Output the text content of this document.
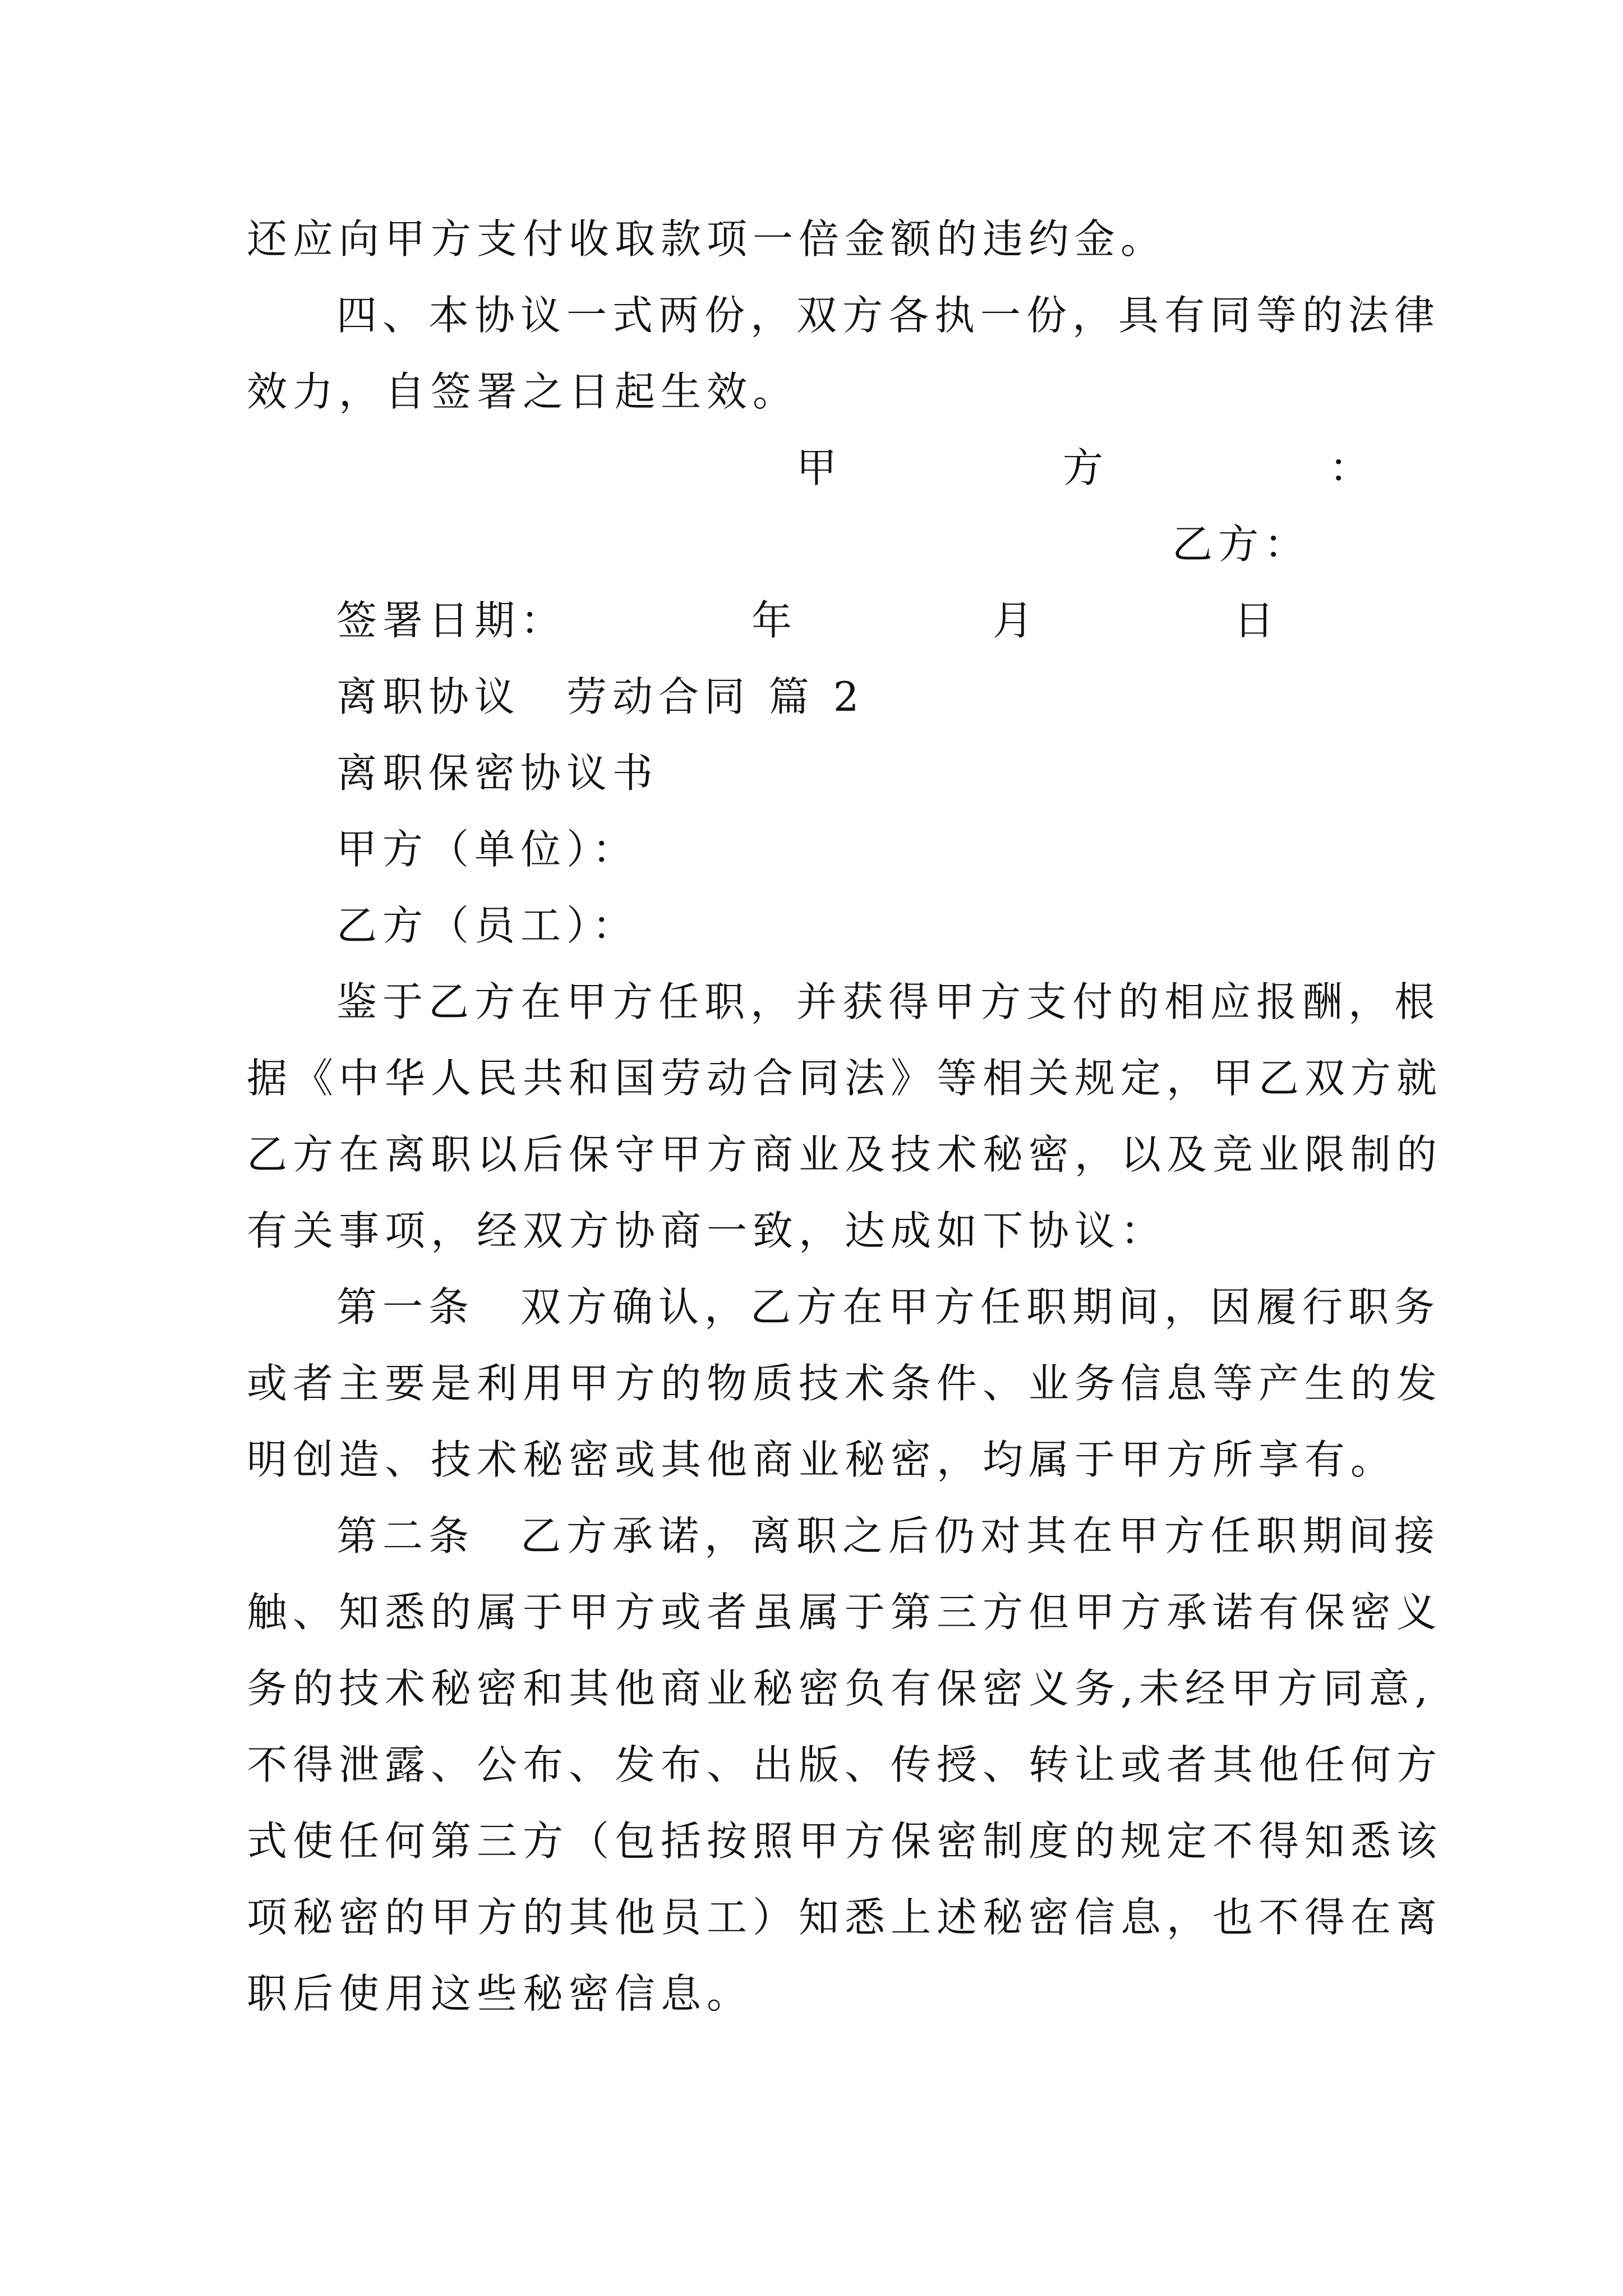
还应向甲方支付收取款项一倍金额的违约金。
四、本协议一式两份，双方各执一份，具有同等的法律
效力，自签署之日起生效。
甲	方	：
乙方：
签署日期：	年	月	日
离职协议　劳动合同 篇 2
离职保密协议书
甲方（单位）：
乙方（员工）：
鉴于乙方在甲方任职，并获得甲方支付的相应报酬，根
据《中华人民共和国劳动合同法》等相关规定，甲乙双方就
乙方在离职以后保守甲方商业及技术秘密，以及竞业限制的
有关事项，经双方协商一致，达成如下协议：
第一条　双方确认，乙方在甲方任职期间，因履行职务
或者主要是利用甲方的物质技术条件、业务信息等产生的发
明创造、技术秘密或其他商业秘密，均属于甲方所享有。
第二条　乙方承诺，离职之后仍对其在甲方任职期间接
触、知悉的属于甲方或者虽属于第三方但甲方承诺有保密义
务的技术秘密和其他商业秘密负有保密义务,未经甲方同意,
不得泄露、公布、发布、出版、传授、转让或者其他任何方
式使任何第三方（包括按照甲方保密制度的规定不得知悉该
项秘密的甲方的其他员工）知悉上述秘密信息，也不得在离
职后使用这些秘密信息。
